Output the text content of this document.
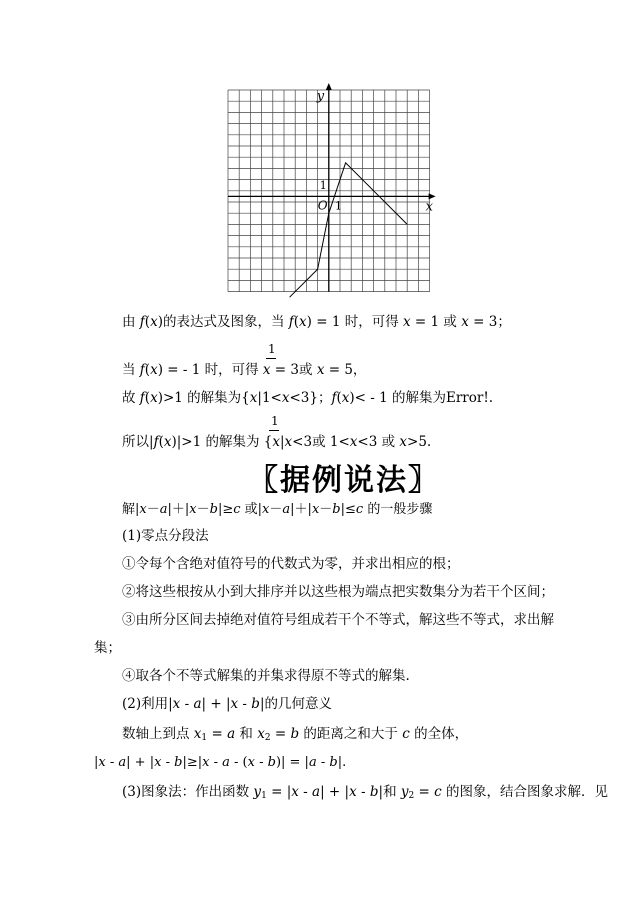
y
x
O 1
1
由 f(x)的表达式及图象，当 f(x) = 1 时，可得 x = 1 或 x = 3；
1
当 f(x) = - 1 时，可得 x = 3或 x = 5，
故 f(x)>1 的解集为{x|1<x<3}；f(x)< - 1 的解集为Error!.
1
所以|f(x)|>1 的解集为 {x|x<3或 1<x<3 或 x>5.
〖据例说法〗
解|x－a|＋|x－b|≥c 或|x－a|＋|x－b|≤c 的一般步骤
(1)零点分段法
①令每个含绝对值符号的代数式为零，并求出相应的根；
②将这些根按从小到大排序并以这些根为端点把实数集分为若干个区间；
③由所分区间去掉绝对值符号组成若干个不等式，解这些不等式，求出解
集；
④取各个不等式解集的并集求得原不等式的解集.
(2)利用|x - a| + |x - b|的几何意义
数轴上到点 $x_1 = a$ 和 $x_2 = b$ 的距离之和大于 c 的全体，
|x - a| + |x - b|≥|x - a - (x - b)| = |a - b|.
(3)图象法：作出函数 $y_1 = |x - a| + |x - b|$和 $y_2 = c$ 的图象，结合图象求解．见
